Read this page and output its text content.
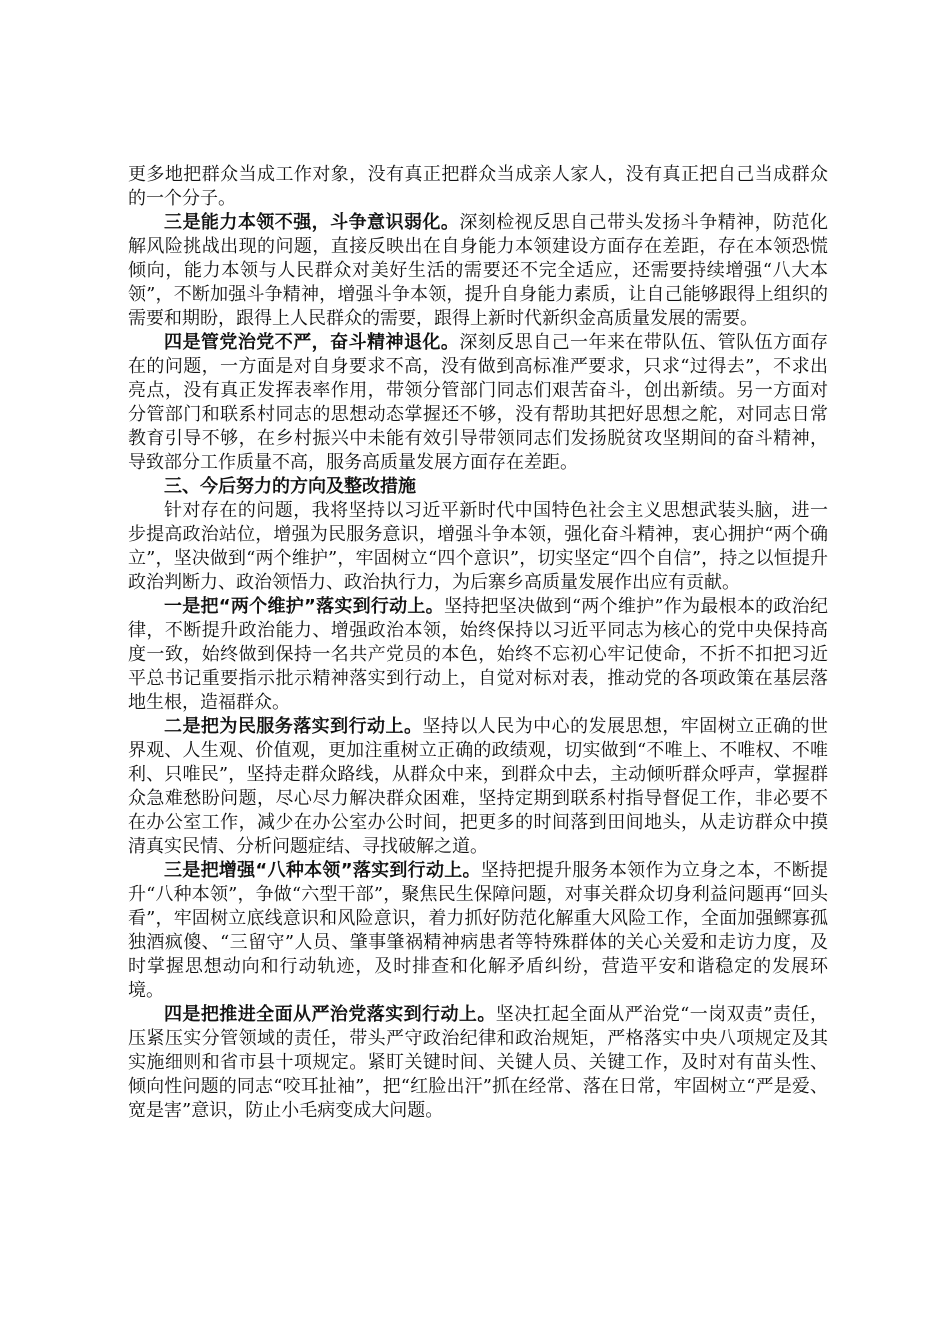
更多地把群众当成工作对象，没有真正把群众当成亲人家人，没有真正把自己当成群众的一个分子。

三是能力本领不强，斗争意识弱化。深刻检视反思自己带头发扬斗争精神，防范化解风险挑战出现的问题，直接反映出在自身能力本领建设方面存在差距，存在本领恐慌倾向，能力本领与人民群众对美好生活的需要还不完全适应，还需要持续增强“八大本领”，不断加强斗争精神，增强斗争本领，提升自身能力素质，让自己能够跟得上组织的需要和期盼，跟得上人民群众的需要，跟得上新时代新织金高质量发展的需要。

四是管党治党不严，奋斗精神退化。深刻反思自己一年来在带队伍、管队伍方面存在的问题，一方面是对自身要求不高，没有做到高标准严要求，只求“过得去”，不求出亮点，没有真正发挥表率作用，带领分管部门同志们艰苦奋斗，创出新绩。另一方面对分管部门和联系村同志的思想动态掌握还不够，没有帮助其把好思想之舵，对同志日常教育引导不够，在乡村振兴中未能有效引导带领同志们发扬脱贫攻坚期间的奋斗精神，导致部分工作质量不高，服务高质量发展方面存在差距。

三、今后努力的方向及整改措施

针对存在的问题，我将坚持以习近平新时代中国特色社会主义思想武装头脑，进一步提高政治站位，增强为民服务意识，增强斗争本领，强化奋斗精神，衷心拥护“两个确立”，坚决做到“两个维护”，牢固树立“四个意识”，切实坚定“四个自信”，持之以恒提升政治判断力、政治领悟力、政治执行力，为后寨乡高质量发展作出应有贡献。

一是把“两个维护”落实到行动上。坚持把坚决做到“两个维护”作为最根本的政治纪律，不断提升政治能力、增强政治本领，始终保持以习近平同志为核心的党中央保持高度一致，始终做到保持一名共产党员的本色，始终不忘初心牢记使命，不折不扣把习近平总书记重要指示批示精神落实到行动上，自觉对标对表，推动党的各项政策在基层落地生根，造福群众。

二是把为民服务落实到行动上。坚持以人民为中心的发展思想，牢固树立正确的世界观、人生观、价值观，更加注重树立正确的政绩观，切实做到“不唯上、不唯权、不唯利、只唯民”，坚持走群众路线，从群众中来，到群众中去，主动倾听群众呼声，掌握群众急难愁盼问题，尽心尽力解决群众困难，坚持定期到联系村指导督促工作，非必要不在办公室工作，减少在办公室办公时间，把更多的时间落到田间地头，从走访群众中摸清真实民情、分析问题症结、寻找破解之道。

三是把增强“八种本领”落实到行动上。坚持把提升服务本领作为立身之本，不断提升“八种本领”，争做“六型干部”，聚焦民生保障问题，对事关群众切身利益问题再“回头看”，牢固树立底线意识和风险意识，着力抓好防范化解重大风险工作，全面加强鳏寡孤独酒疯傻、“三留守”人员、肇事肇祸精神病患者等特殊群体的关心关爱和走访力度，及时掌握思想动向和行动轨迹，及时排查和化解矛盾纠纷，营造平安和谐稳定的发展环境。

四是把推进全面从严治党落实到行动上。坚决扛起全面从严治党“一岗双责”责任，压紧压实分管领域的责任，带头严守政治纪律和政治规矩，严格落实中央八项规定及其实施细则和省市县十项规定。紧盯关键时间、关键人员、关键工作，及时对有苗头性、倾向性问题的同志“咬耳扯袖”，把“红脸出汗”抓在经常、落在日常，牢固树立“严是爱、宽是害”意识，防止小毛病变成大问题。
